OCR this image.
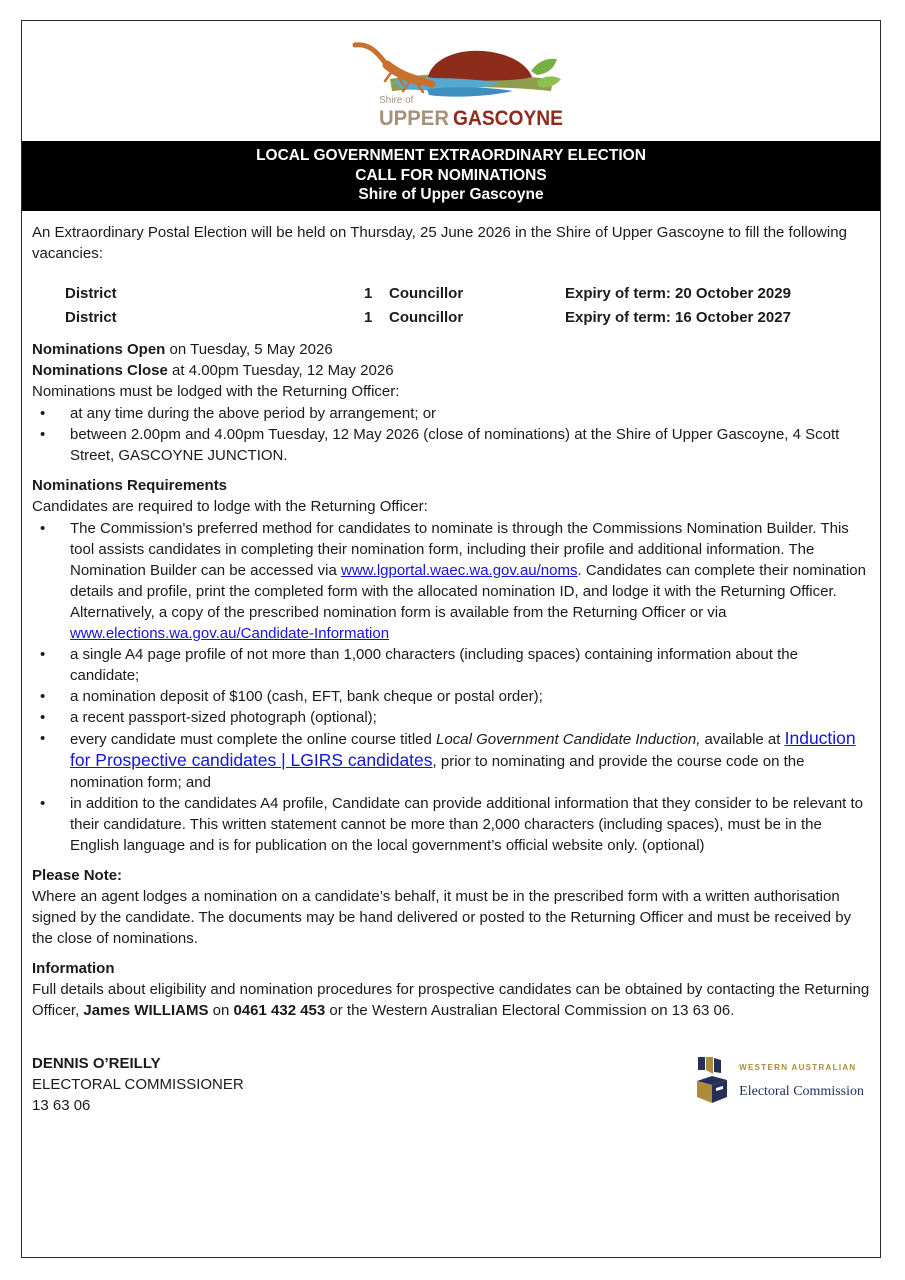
Shire of
UPPER GASCOYNE
LOCAL GOVERNMENT EXTRAORDINARY ELECTION
CALL FOR NOMINATIONS
Shire of Upper Gascoyne

An Extraordinary Postal Election will be held on Thursday, 25 June 2026 in the Shire of Upper Gascoyne to fill the following vacancies:

District	1	Councillor	Expiry of term: 20 October 2029
District	1	Councillor	Expiry of term: 16 October 2027
Nominations Open on Tuesday, 5 May 2026
Nominations Close at 4.00pm Tuesday, 12 May 2026
Nominations must be lodged with the Returning Officer:
• at any time during the above period by arrangement; or
• between 2.00pm and 4.00pm Tuesday, 12 May 2026 (close of nominations) at the Shire of Upper Gascoyne, 4 Scott Street, GASCOYNE JUNCTION.
Nominations Requirements
Candidates are required to lodge with the Returning Officer:
• The Commission's preferred method for candidates to nominate is through the Commissions Nomination Builder. This tool assists candidates in completing their nomination form, including their profile and additional information. The Nomination Builder can be accessed via www.lgportal.waec.wa.gov.au/noms. Candidates can complete their nomination details and profile, print the completed form with the allocated nomination ID, and lodge it with the Returning Officer. Alternatively, a copy of the prescribed nomination form is available from the Returning Officer or via www.elections.wa.gov.au/Candidate-Information
• a single A4 page profile of not more than 1,000 characters (including spaces) containing information about the candidate;
• a nomination deposit of $100 (cash, EFT, bank cheque or postal order);
• a recent passport-sized photograph (optional);
• every candidate must complete the online course titled Local Government Candidate Induction, available at Induction for Prospective candidates | LGIRS candidates, prior to nominating and provide the course code on the nomination form; and
• in addition to the candidates A4 profile, Candidate can provide additional information that they consider to be relevant to their candidature. This written statement cannot be more than 2,000 characters (including spaces), must be in the English language and is for publication on the local government’s official website only. (optional)
Please Note:
Where an agent lodges a nomination on a candidate’s behalf, it must be in the prescribed form with a written authorisation signed by the candidate. The documents may be hand delivered or posted to the Returning Officer and must be received by the close of nominations.
Information
Full details about eligibility and nomination procedures for prospective candidates can be obtained by contacting the Returning Officer, James WILLIAMS on 0461 432 453 or the Western Australian Electoral Commission on 13 63 06.
DENNIS O’REILLY
ELECTORAL COMMISSIONER
13 63 06
WESTERN AUSTRALIAN
Electoral Commission
